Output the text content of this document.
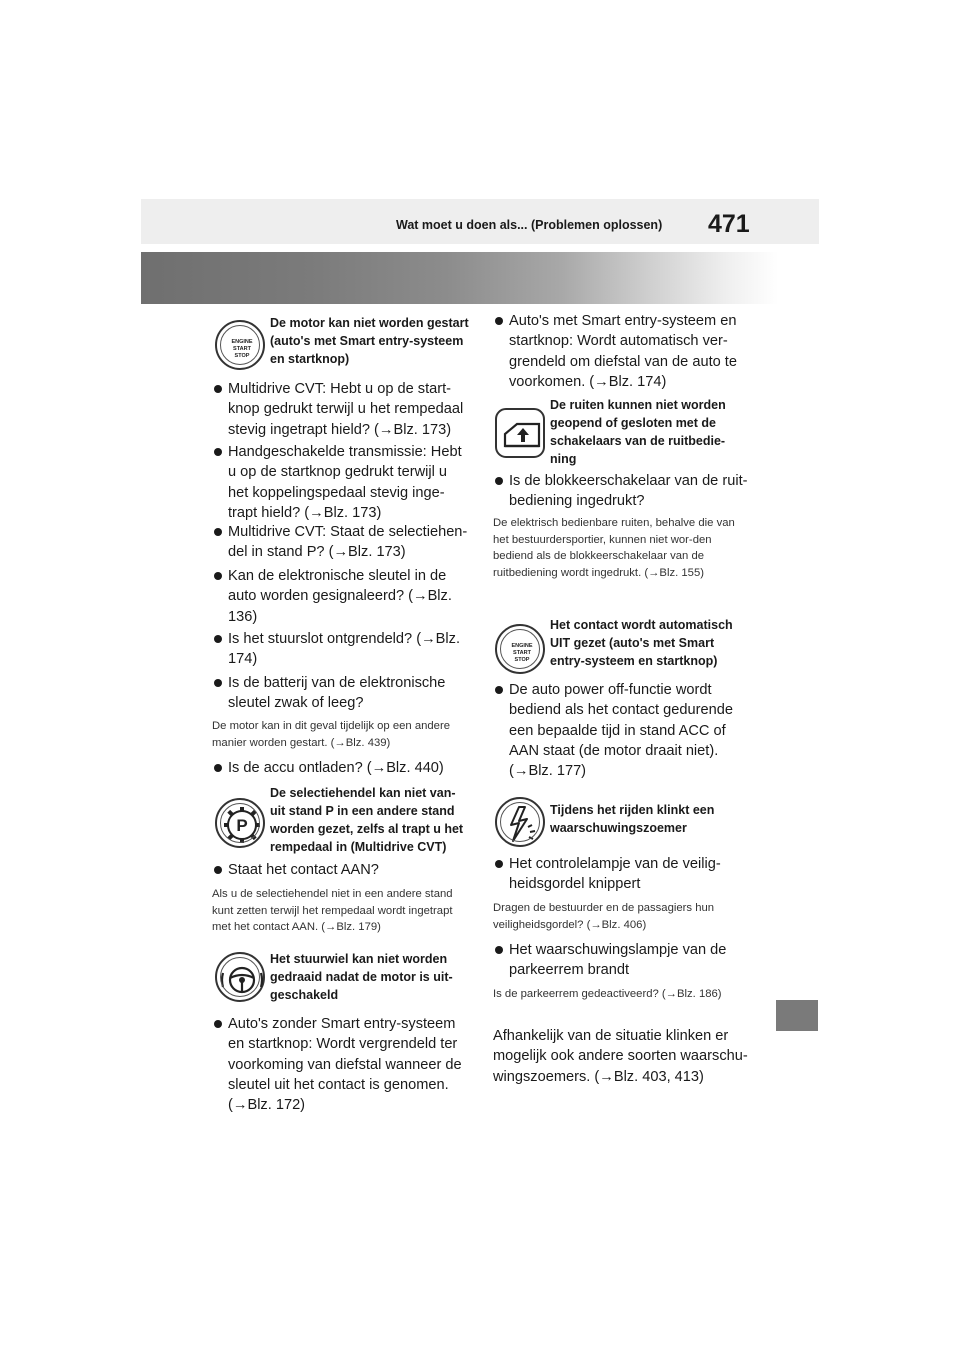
Wat moet u doen als... (Problemen oplossen) 471
ENGINE
START
STOP
De motor kan niet worden gestart (auto's met Smart entry-systeem en startknop)
Multidrive CVT: Hebt u op de start-knop gedrukt terwijl u het rempedaal stevig ingetrapt hield? (→Blz. 173)
Handgeschakelde transmissie: Hebt u op de startknop gedrukt terwijl u het koppelingspedaal stevig inge-trapt hield? (→Blz. 173)
Multidrive CVT: Staat de selectiehen-del in stand P? (→Blz. 173)
Kan de elektronische sleutel in de auto worden gesignaleerd? (→Blz. 136)
Is het stuurslot ontgrendeld? (→Blz. 174)
Is de batterij van de elektronische sleutel zwak of leeg?
De motor kan in dit geval tijdelijk op een andere manier worden gestart. (→Blz. 439)
Is de accu ontladen? (→Blz. 440)
P
De selectiehendel kan niet van-uit stand P in een andere stand worden gezet, zelfs al trapt u het rempedaal in (Multidrive CVT)
Staat het contact AAN?
Als u de selectiehendel niet in een andere stand kunt zetten terwijl het rempedaal wordt ingetrapt met het contact AAN. (→Blz. 179)
Het stuurwiel kan niet worden gedraaid nadat de motor is uit-geschakeld
Auto's zonder Smart entry-systeem en startknop: Wordt vergrendeld ter voorkoming van diefstal wanneer de sleutel uit het contact is genomen. (→Blz. 172)
Auto's met Smart entry-systeem en startknop: Wordt automatisch ver-grendeld om diefstal van de auto te voorkomen. (→Blz. 174)
De ruiten kunnen niet worden geopend of gesloten met de schakelaars van de ruitbedie-ning
Is de blokkeerschakelaar van de ruit-bediening ingedrukt?
De elektrisch bedienbare ruiten, behalve die van het bestuurdersportier, kunnen niet wor-den bediend als de blokkeerschakelaar van de ruitbediening wordt ingedrukt. (→Blz. 155)
ENGINE
START
STOP
Het contact wordt automatisch UIT gezet (auto's met Smart entry-systeem en startknop)
De auto power off-functie wordt bediend als het contact gedurende een bepaalde tijd in stand ACC of AAN staat (de motor draait niet). (→Blz. 177)
Tijdens het rijden klinkt een waarschuwingszoemer
Het controlelampje van de veilig-heidsgordel knippert
Dragen de bestuurder en de passagiers hun veiligheidsgordel? (→Blz. 406)
Het waarschuwingslampje van de parkeerrem brandt
Is de parkeerrem gedeactiveerd? (→Blz. 186)
Afhankelijk van de situatie klinken er mogelijk ook andere soorten waarschu-wingszoemers. (→Blz. 403, 413)
